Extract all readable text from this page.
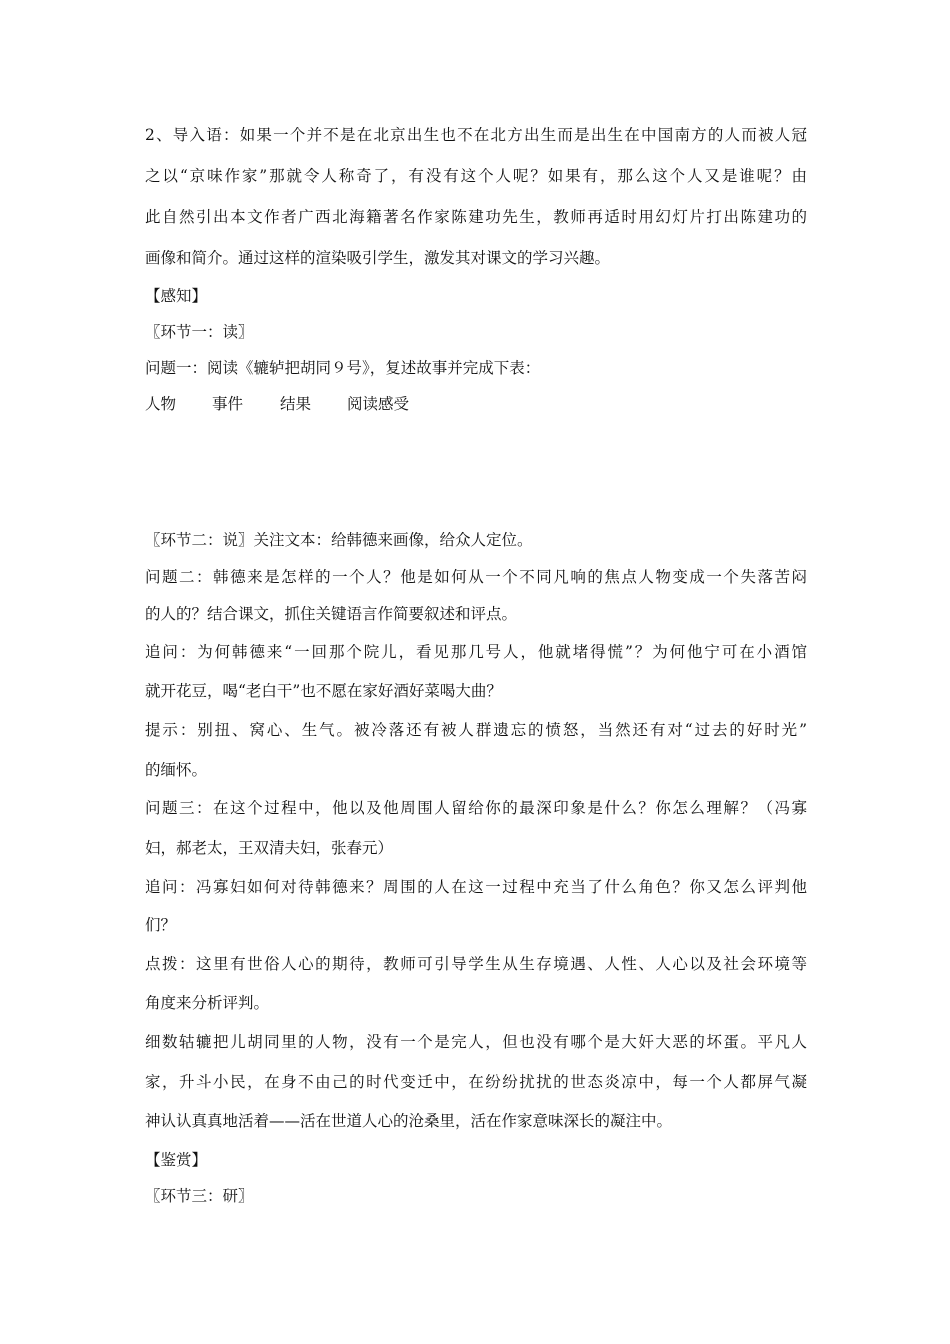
2、导入语：如果一个并不是在北京出生也不在北方出生而是出生在中国南方的人而被人冠
之以“京味作家”那就令人称奇了，有没有这个人呢？如果有，那么这个人又是谁呢？由
此自然引出本文作者广西北海籍著名作家陈建功先生，教师再适时用幻灯片打出陈建功的
画像和简介。通过这样的渲染吸引学生，激发其对课文的学习兴趣。
【感知】
〖环节一：读〗
问题一：阅读《辘轳把胡同９号》，复述故事并完成下表：
人物 事件 结果 阅读感受
〖环节二：说〗关注文本：给韩德来画像，给众人定位。
问题二：韩德来是怎样的一个人？他是如何从一个不同凡响的焦点人物变成一个失落苦闷
的人的？结合课文，抓住关键语言作简要叙述和评点。
追问：为何韩德来“一回那个院儿，看见那几号人，他就堵得慌”？为何他宁可在小酒馆
就开花豆，喝“老白干”也不愿在家好酒好菜喝大曲？
提示：别扭、窝心、生气。被冷落还有被人群遗忘的愤怒，当然还有对“过去的好时光”
的缅怀。
问题三：在这个过程中，他以及他周围人留给你的最深印象是什么？你怎么理解？（冯寡
妇，郝老太，王双清夫妇，张春元）
追问：冯寡妇如何对待韩德来？周围的人在这一过程中充当了什么角色？你又怎么评判他
们？
点拨：这里有世俗人心的期待，教师可引导学生从生存境遇、人性、人心以及社会环境等
角度来分析评判。
细数轱辘把儿胡同里的人物，没有一个是完人，但也没有哪个是大奸大恶的坏蛋。平凡人
家，升斗小民，在身不由己的时代变迁中，在纷纷扰扰的世态炎凉中，每一个人都屏气凝
神认认真真地活着——活在世道人心的沧桑里，活在作家意味深长的凝注中。
【鉴赏】
〖环节三：研〗
